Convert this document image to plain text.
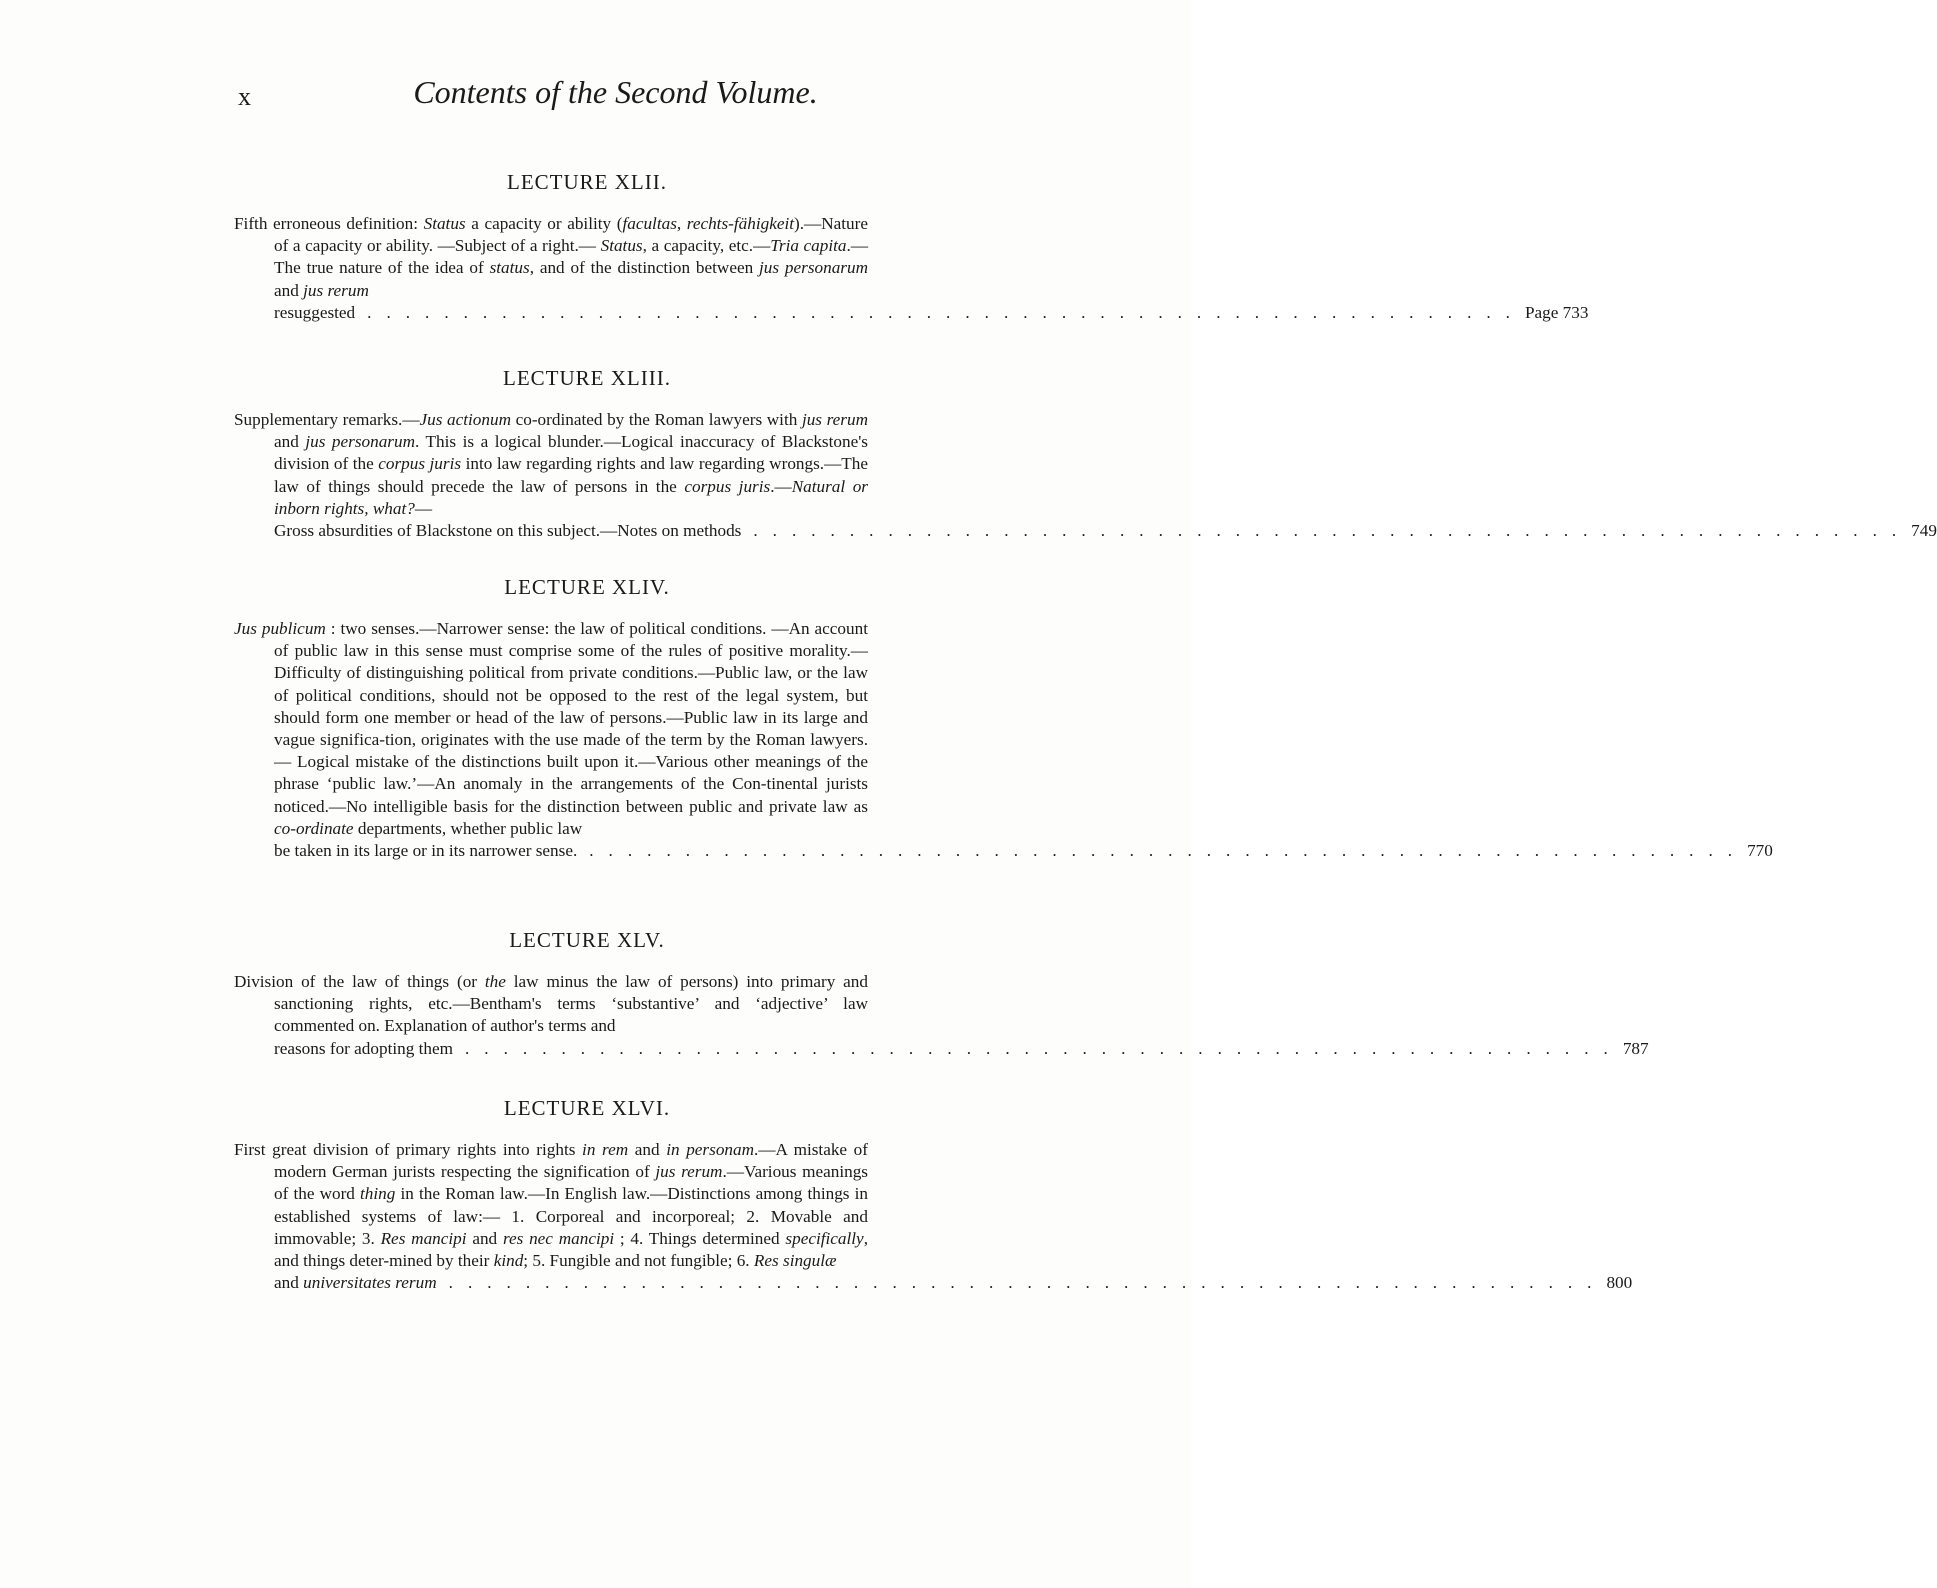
x	Contents of the Second Volume.
LECTURE XLII.
Fifth erroneous definition: Status a capacity or ability (facultas, rechts-fähigkeit).—Nature of a capacity or ability. —Subject of a right.— Status, a capacity, etc.—Tria capita.—The true nature of the idea of status, and of the distinction between jus personarum and jus rerum
resuggested ............................................................ Page 733
LECTURE XLIII.
Supplementary remarks.—Jus actionum co-ordinated by the Roman lawyers with jus rerum and jus personarum. This is a logical blunder.—Logical inaccuracy of Blackstone's division of the corpus juris into law regarding rights and law regarding wrongs.—The law of things should precede the law of persons in the corpus juris.—Natural or inborn rights, what?—
Gross absurdities of Blackstone on this subject.—Notes on methods ............................................................ 749
LECTURE XLIV.
Jus publicum : two senses.—Narrower sense: the law of political conditions. —An account of public law in this sense must comprise some of the rules of positive morality.—Difficulty of distinguishing political from private conditions.—Public law, or the law of political conditions, should not be opposed to the rest of the legal system, but should form one member or head of the law of persons.—Public law in its large and vague significa-tion, originates with the use made of the term by the Roman lawyers.— Logical mistake of the distinctions built upon it.—Various other meanings of the phrase ‘public law.’—An anomaly in the arrangements of the Con-tinental jurists noticed.—No intelligible basis for the distinction between public and private law as co-ordinate departments, whether public law
be taken in its large or in its narrower sense. ............................................................ 770
LECTURE XLV.
Division of the law of things (or the law minus the law of persons) into primary and sanctioning rights, etc.—Bentham's terms ‘substantive’ and ‘adjective’ law commented on. Explanation of author's terms and
reasons for adopting them ............................................................ 787
LECTURE XLVI.
First great division of primary rights into rights in rem and in personam.—A mistake of modern German jurists respecting the signification of jus rerum.—Various meanings of the word thing in the Roman law.—In English law.—Distinctions among things in established systems of law:— 1. Corporeal and incorporeal; 2. Movable and immovable; 3. Res mancipi and res nec mancipi ; 4. Things determined specifically, and things deter-mined by their kind; 5. Fungible and not fungible; 6. Res singulæ
and universitates rerum ............................................................ 800
